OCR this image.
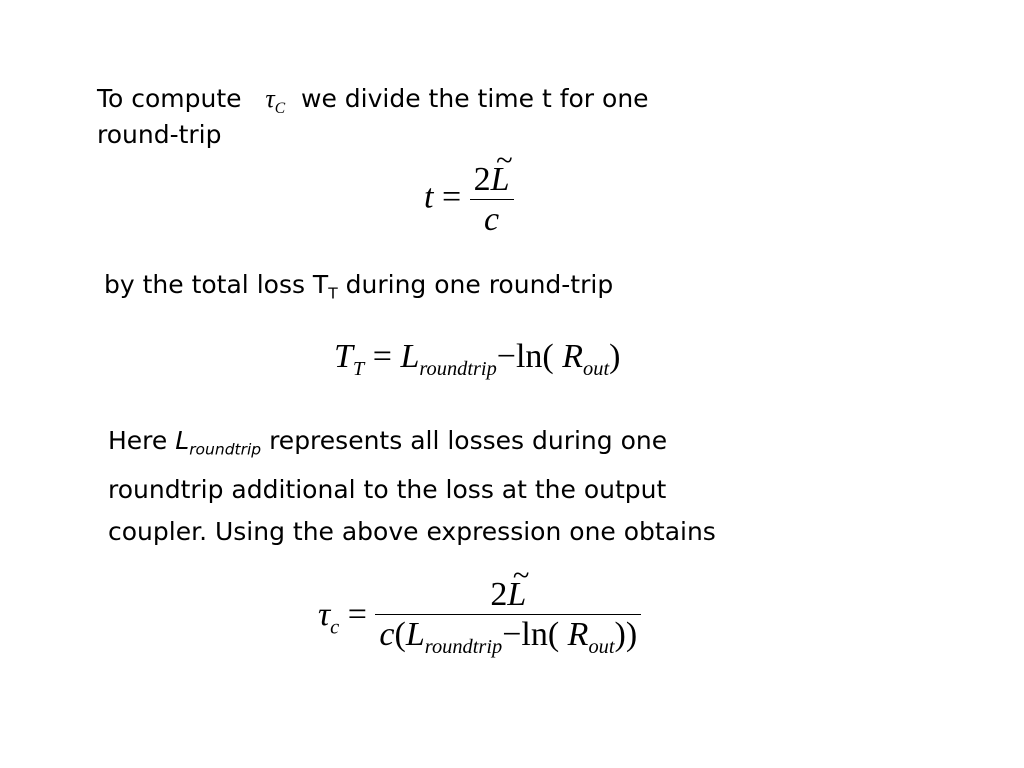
To compute $\tau_C$ we divide the time t for one
round-trip
$t = \frac{2\sim L}{c}$
by the total loss $T_T$ during one round-trip
$T_T = L_{roundtrip}-\ln$( $R_{out}$)
Here $L_{roundtrip}$ represents all losses during one
roundtrip additional to the loss at the output
coupler. Using the above expression one obtains
$\tau_c = \frac{2\sim L}{c(L_{roundtrip}-\ln( R_{out}))}$
